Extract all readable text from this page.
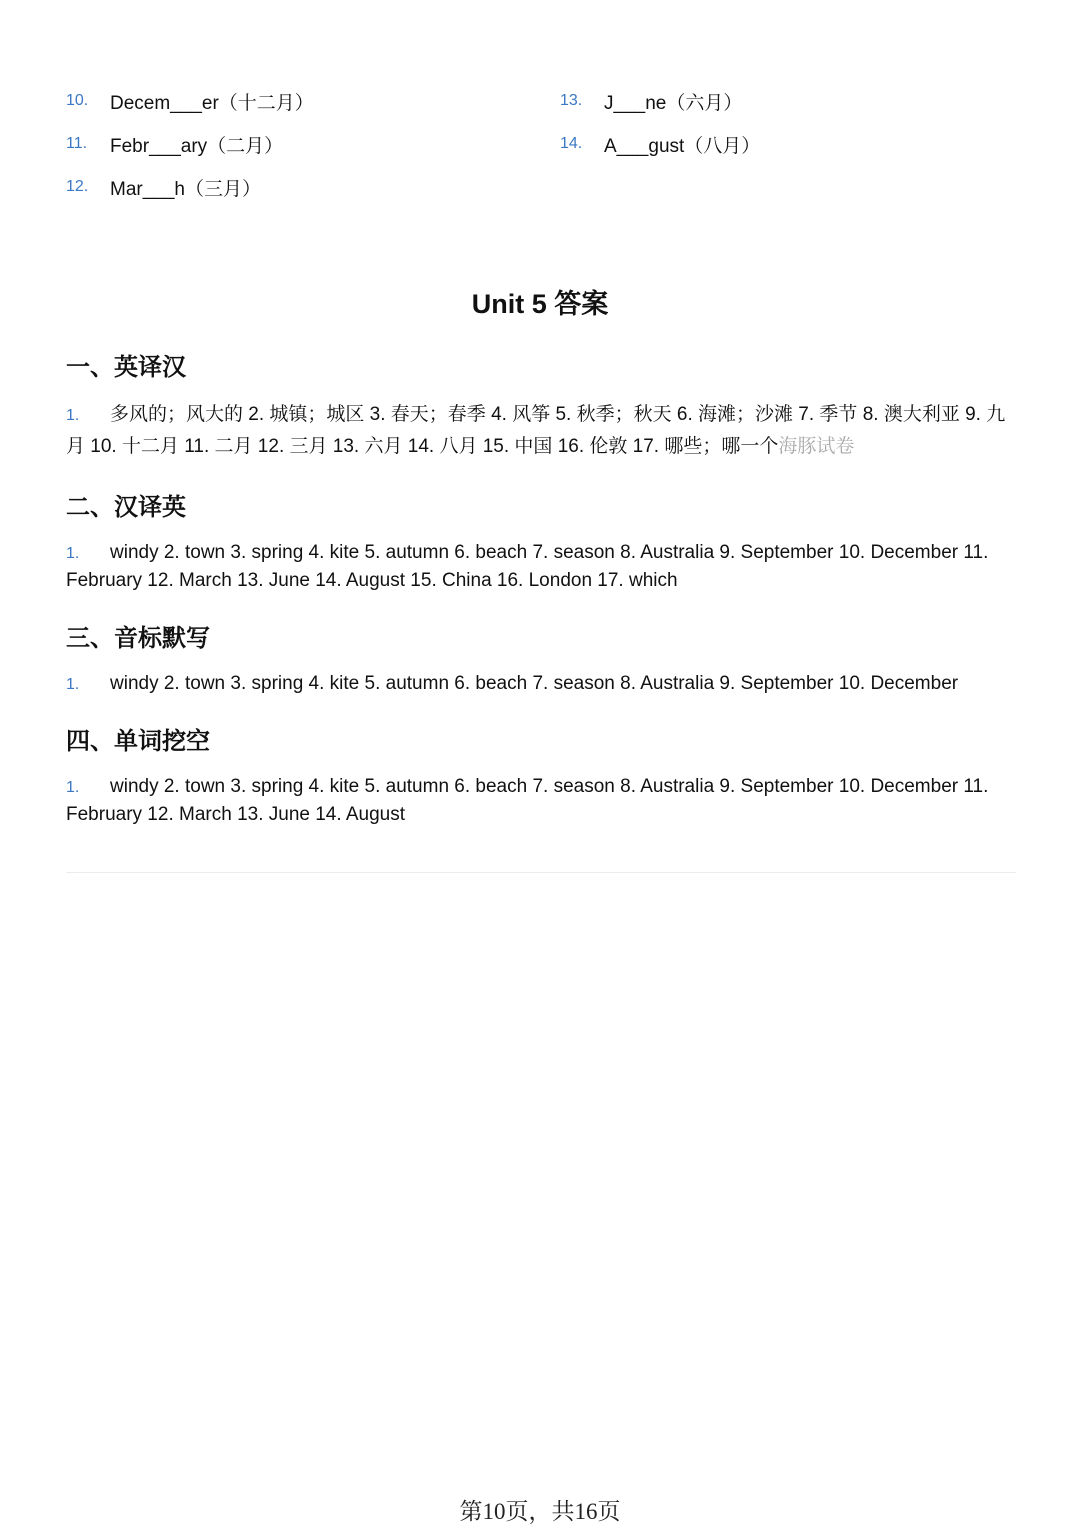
10.	Decem___er（十二月）
11.	Febr___ary（二月）
12.	Mar___h（三月）
13.	J___ne（六月）
14.	A___gust（八月）
Unit 5 答案
一、英译汉
1. 多风的；风大的 2. 城镇；城区 3. 春天；春季 4. 风筝 5. 秋季；秋天 6. 海滩；沙滩 7. 季节 8. 澳大利亚 9. 九月 10. 十二月 11. 二月 12. 三月 13. 六月 14. 八月 15. 中国 16. 伦敦 17. 哪些；哪一个海豚试卷
二、汉译英
1. windy 2. town 3. spring 4. kite 5. autumn 6. beach 7. season 8. Australia 9. September 10. December 11. February 12. March 13. June 14. August 15. China 16. London 17. which
三、音标默写
1. windy 2. town 3. spring 4. kite 5. autumn 6. beach 7. season 8. Australia 9. September 10. December
四、单词挖空
1. windy 2. town 3. spring 4. kite 5. autumn 6. beach 7. season 8. Australia 9. September 10. December 11. February 12. March 13. June 14. August
第10页，共16页
